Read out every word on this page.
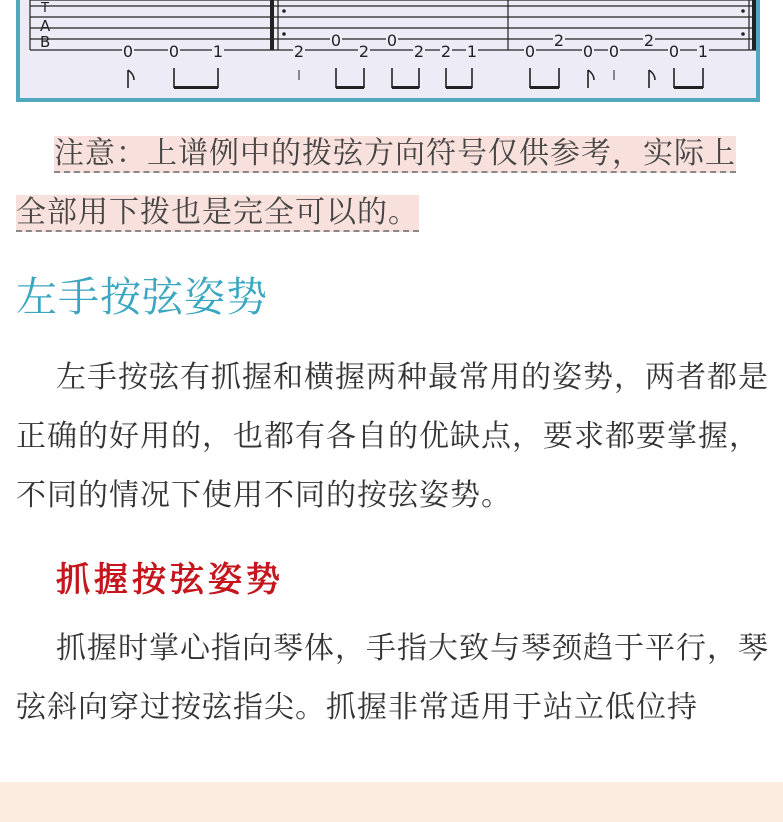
T
A
B	0 0 1	2
0
2
0
2 2 1	0
2
0 0
2
0 1
注意：上谱例中的拨弦方向符号仅供参考，实际上
全部用下拨也是完全可以的。
左手按弦姿势

左手按弦有抓握和横握两种最常用的姿势，两者都是正确的好用的，也都有各自的优缺点，要求都要掌握，不同的情况下使用不同的按弦姿势。

抓握按弦姿势

抓握时掌心指向琴体，手指大致与琴颈趋于平行，琴弦斜向穿过按弦指尖。抓握非常适用于站立低位持
